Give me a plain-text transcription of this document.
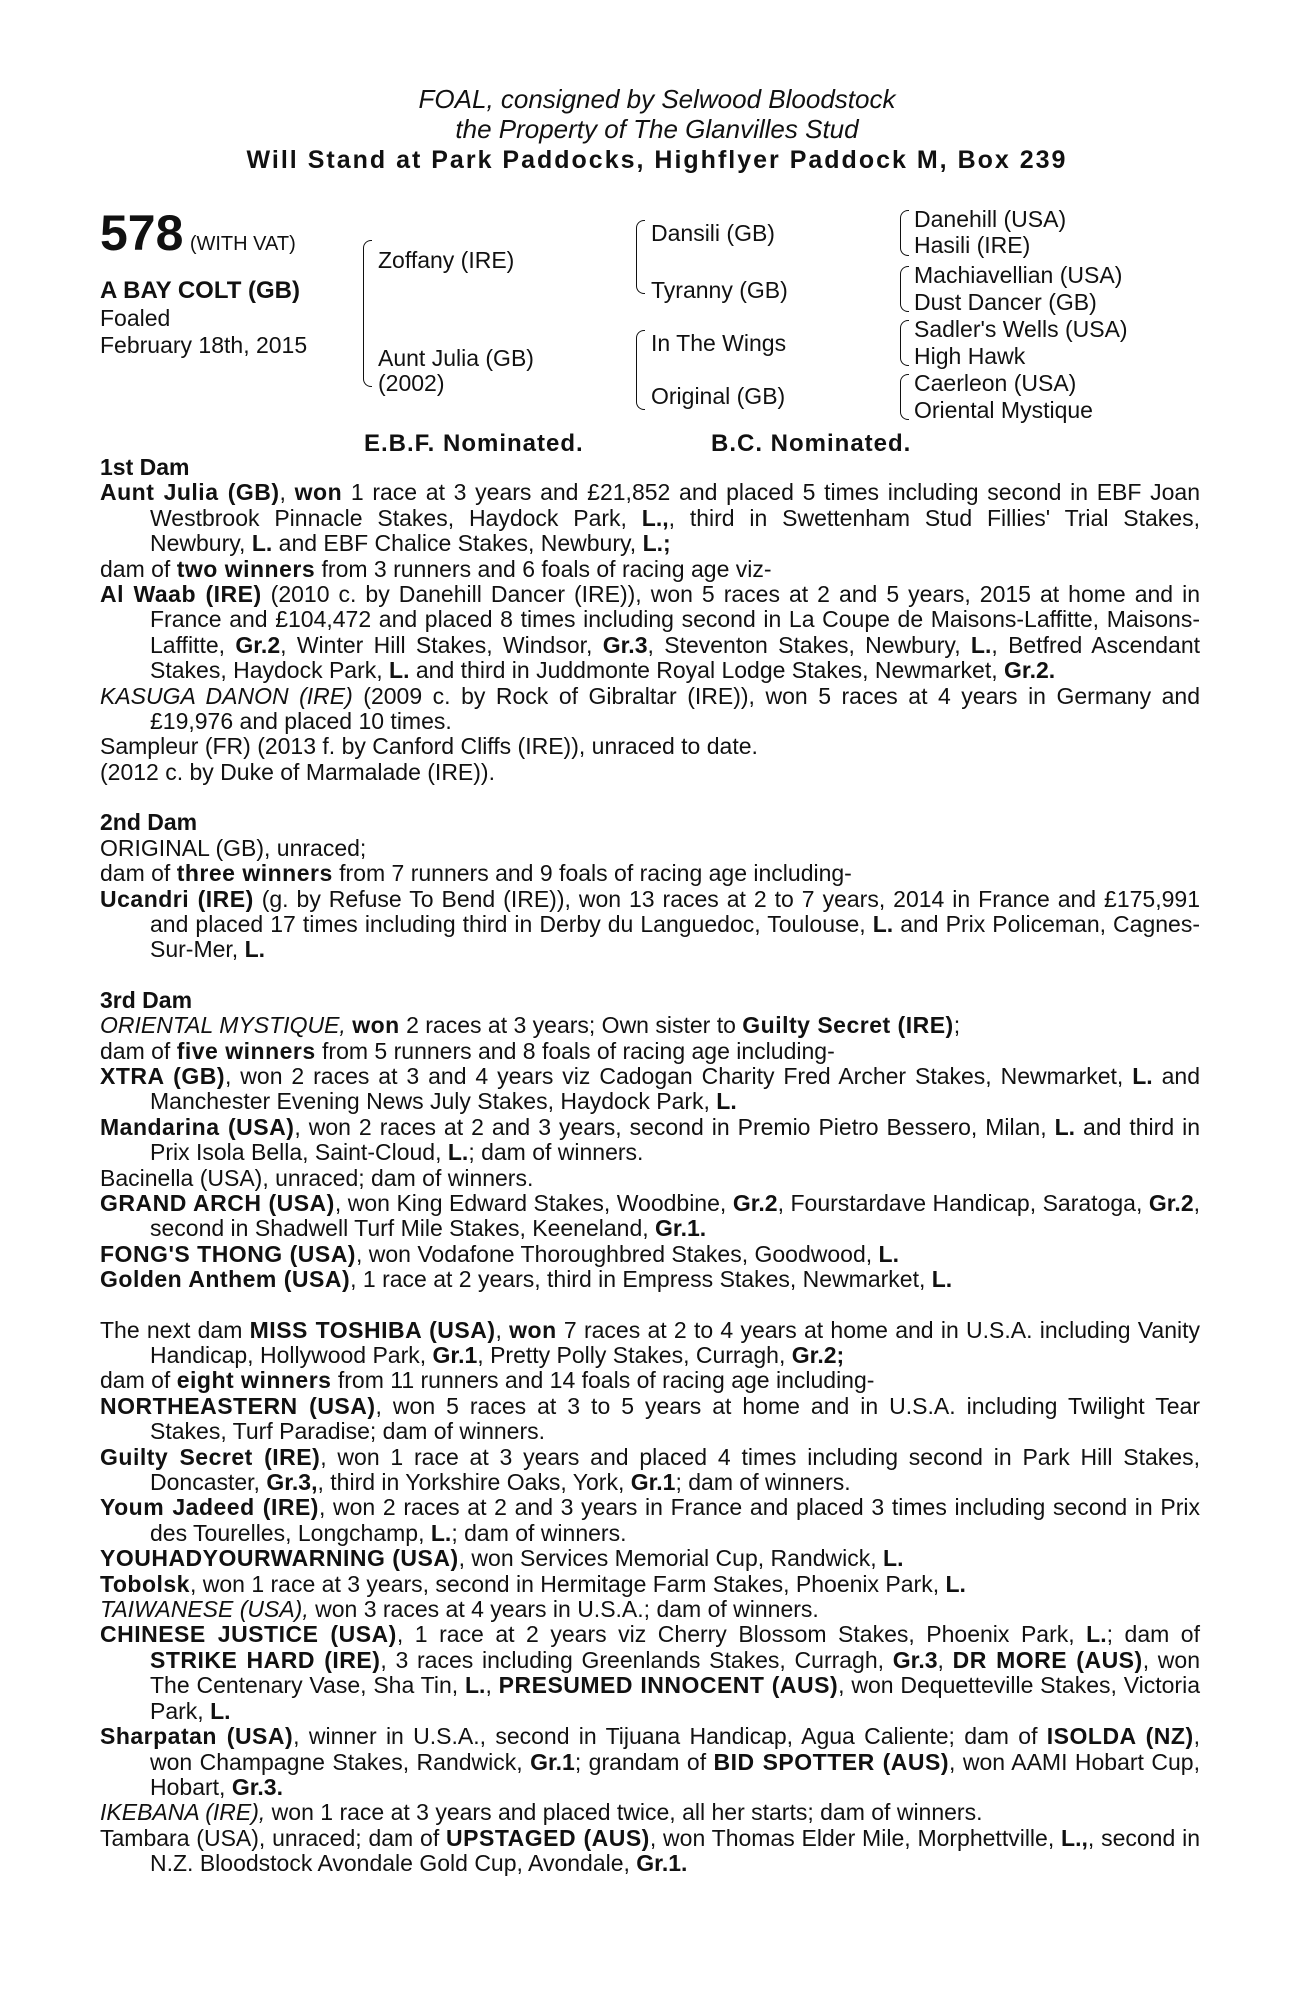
FOAL, consigned by Selwood Bloodstock
the Property of The Glanvilles Stud
Will Stand at Park Paddocks, Highflyer Paddock M, Box 239
578 (WITH VAT)
A BAY COLT (GB)
Foaled
February 18th, 2015
Zoffany (IRE)
Aunt Julia (GB)
(2002)
Dansili (GB)
Tyranny (GB)
In The Wings
Original (GB)
Danehill (USA)
Hasili (IRE)
Machiavellian (USA)
Dust Dancer (GB)
Sadler's Wells (USA)
High Hawk
Caerleon (USA)
Oriental Mystique
E.B.F. Nominated.	B.C. Nominated.

1st Dam

Aunt Julia (GB), won 1 race at 3 years and £21,852 and placed 5 times including second in EBF Joan Westbrook Pinnacle Stakes, Haydock Park, L.,, third in Swettenham Stud Fillies' Trial Stakes, Newbury, L. and EBF Chalice Stakes, Newbury, L.;

dam of two winners from 3 runners and 6 foals of racing age viz-

Al Waab (IRE) (2010 c. by Danehill Dancer (IRE)), won 5 races at 2 and 5 years, 2015 at home and in France and £104,472 and placed 8 times including second in La Coupe de Maisons-Laffitte, Maisons-Laffitte, Gr.2, Winter Hill Stakes, Windsor, Gr.3, Steventon Stakes, Newbury, L., Betfred Ascendant Stakes, Haydock Park, L. and third in Juddmonte Royal Lodge Stakes, Newmarket, Gr.2.

KASUGA DANON (IRE) (2009 c. by Rock of Gibraltar (IRE)), won 5 races at 4 years in Germany and £19,976 and placed 10 times.

Sampleur (FR) (2013 f. by Canford Cliffs (IRE)), unraced to date.

(2012 c. by Duke of Marmalade (IRE)).

2nd Dam

ORIGINAL (GB), unraced;

dam of three winners from 7 runners and 9 foals of racing age including-

Ucandri (IRE) (g. by Refuse To Bend (IRE)), won 13 races at 2 to 7 years, 2014 in France and £175,991 and placed 17 times including third in Derby du Languedoc, Toulouse, L. and Prix Policeman, Cagnes-Sur-Mer, L.

3rd Dam

ORIENTAL MYSTIQUE, won 2 races at 3 years; Own sister to Guilty Secret (IRE);

dam of five winners from 5 runners and 8 foals of racing age including-

XTRA (GB), won 2 races at 3 and 4 years viz Cadogan Charity Fred Archer Stakes, Newmarket, L. and Manchester Evening News July Stakes, Haydock Park, L.

Mandarina (USA), won 2 races at 2 and 3 years, second in Premio Pietro Bessero, Milan, L. and third in Prix Isola Bella, Saint-Cloud, L.; dam of winners.

Bacinella (USA), unraced; dam of winners.

GRAND ARCH (USA), won King Edward Stakes, Woodbine, Gr.2, Fourstardave Handicap, Saratoga, Gr.2, second in Shadwell Turf Mile Stakes, Keeneland, Gr.1.

FONG'S THONG (USA), won Vodafone Thoroughbred Stakes, Goodwood, L.

Golden Anthem (USA), 1 race at 2 years, third in Empress Stakes, Newmarket, L.

The next dam MISS TOSHIBA (USA), won 7 races at 2 to 4 years at home and in U.S.A. including Vanity Handicap, Hollywood Park, Gr.1, Pretty Polly Stakes, Curragh, Gr.2;

dam of eight winners from 11 runners and 14 foals of racing age including-

NORTHEASTERN (USA), won 5 races at 3 to 5 years at home and in U.S.A. including Twilight Tear Stakes, Turf Paradise; dam of winners.

Guilty Secret (IRE), won 1 race at 3 years and placed 4 times including second in Park Hill Stakes, Doncaster, Gr.3,, third in Yorkshire Oaks, York, Gr.1; dam of winners.

Youm Jadeed (IRE), won 2 races at 2 and 3 years in France and placed 3 times including second in Prix des Tourelles, Longchamp, L.; dam of winners.

YOUHADYOURWARNING (USA), won Services Memorial Cup, Randwick, L.

Tobolsk, won 1 race at 3 years, second in Hermitage Farm Stakes, Phoenix Park, L.

TAIWANESE (USA), won 3 races at 4 years in U.S.A.; dam of winners.

CHINESE JUSTICE (USA), 1 race at 2 years viz Cherry Blossom Stakes, Phoenix Park, L.; dam of STRIKE HARD (IRE), 3 races including Greenlands Stakes, Curragh, Gr.3, DR MORE (AUS), won The Centenary Vase, Sha Tin, L., PRESUMED INNOCENT (AUS), won Dequetteville Stakes, Victoria Park, L.

Sharpatan (USA), winner in U.S.A., second in Tijuana Handicap, Agua Caliente; dam of ISOLDA (NZ), won Champagne Stakes, Randwick, Gr.1; grandam of BID SPOTTER (AUS), won AAMI Hobart Cup, Hobart, Gr.3.

IKEBANA (IRE), won 1 race at 3 years and placed twice, all her starts; dam of winners.

Tambara (USA), unraced; dam of UPSTAGED (AUS), won Thomas Elder Mile, Morphettville, L.,, second in N.Z. Bloodstock Avondale Gold Cup, Avondale, Gr.1.
